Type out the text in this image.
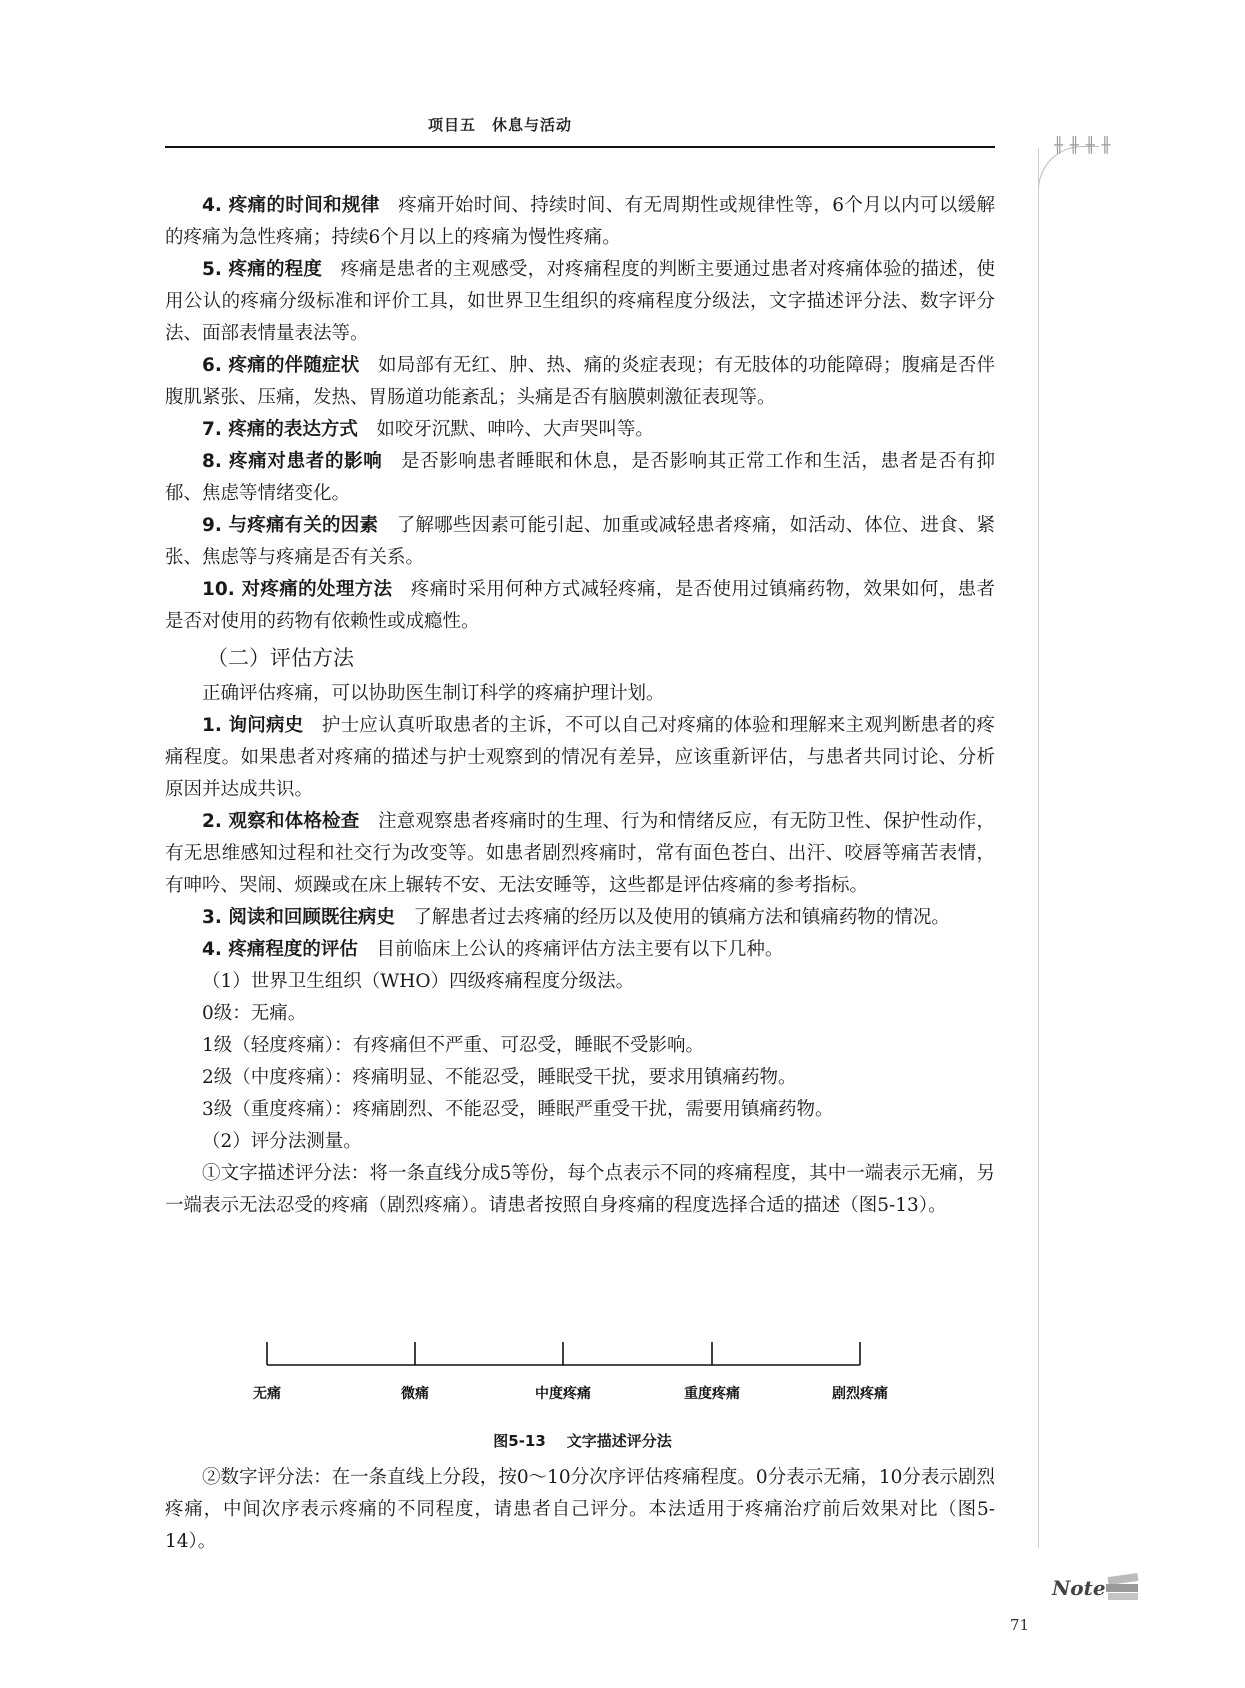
项目五　休息与活动
╫ ╫ ╫ ╫

4. 疼痛的时间和规律 疼痛开始时间、持续时间、有无周期性或规律性等，6个月以内可以缓解的疼痛为急性疼痛；持续6个月以上的疼痛为慢性疼痛。

5. 疼痛的程度 疼痛是患者的主观感受，对疼痛程度的判断主要通过患者对疼痛体验的描述，使用公认的疼痛分级标准和评价工具，如世界卫生组织的疼痛程度分级法，文字描述评分法、数字评分法、面部表情量表法等。

6. 疼痛的伴随症状 如局部有无红、肿、热、痛的炎症表现；有无肢体的功能障碍；腹痛是否伴腹肌紧张、压痛，发热、胃肠道功能紊乱；头痛是否有脑膜刺激征表现等。

7. 疼痛的表达方式 如咬牙沉默、呻吟、大声哭叫等。

8. 疼痛对患者的影响 是否影响患者睡眠和休息，是否影响其正常工作和生活，患者是否有抑郁、焦虑等情绪变化。

9. 与疼痛有关的因素 了解哪些因素可能引起、加重或减轻患者疼痛，如活动、体位、进食、紧张、焦虑等与疼痛是否有关系。

10. 对疼痛的处理方法 疼痛时采用何种方式减轻疼痛，是否使用过镇痛药物，效果如何，患者是否对使用的药物有依赖性或成瘾性。

（二）评估方法

正确评估疼痛，可以协助医生制订科学的疼痛护理计划。

1. 询问病史 护士应认真听取患者的主诉，不可以自己对疼痛的体验和理解来主观判断患者的疼痛程度。如果患者对疼痛的描述与护士观察到的情况有差异，应该重新评估，与患者共同讨论、分析原因并达成共识。

2. 观察和体格检查 注意观察患者疼痛时的生理、行为和情绪反应，有无防卫性、保护性动作，有无思维感知过程和社交行为改变等。如患者剧烈疼痛时，常有面色苍白、出汗、咬唇等痛苦表情，有呻吟、哭闹、烦躁或在床上辗转不安、无法安睡等，这些都是评估疼痛的参考指标。

3. 阅读和回顾既往病史 了解患者过去疼痛的经历以及使用的镇痛方法和镇痛药物的情况。

4. 疼痛程度的评估 目前临床上公认的疼痛评估方法主要有以下几种。

（1）世界卫生组织（WHO）四级疼痛程度分级法。

0级：无痛。

1级（轻度疼痛）：有疼痛但不严重、可忍受，睡眠不受影响。

2级（中度疼痛）：疼痛明显、不能忍受，睡眠受干扰，要求用镇痛药物。

3级（重度疼痛）：疼痛剧烈、不能忍受，睡眠严重受干扰，需要用镇痛药物。

（2）评分法测量。

①文字描述评分法：将一条直线分成5等份，每个点表示不同的疼痛程度，其中一端表示无痛，另一端表示无法忍受的疼痛（剧烈疼痛）。请患者按照自身疼痛的程度选择合适的描述（图5-13）。

无痛	微痛	中度疼痛	重度疼痛	剧烈疼痛
图5-13 文字描述评分法

②数字评分法：在一条直线上分段，按0～10分次序评估疼痛程度。0分表示无痛，10分表示剧烈疼痛，中间次序表示疼痛的不同程度，请患者自己评分。本法适用于疼痛治疗前后效果对比（图5-14）。

Note
71
